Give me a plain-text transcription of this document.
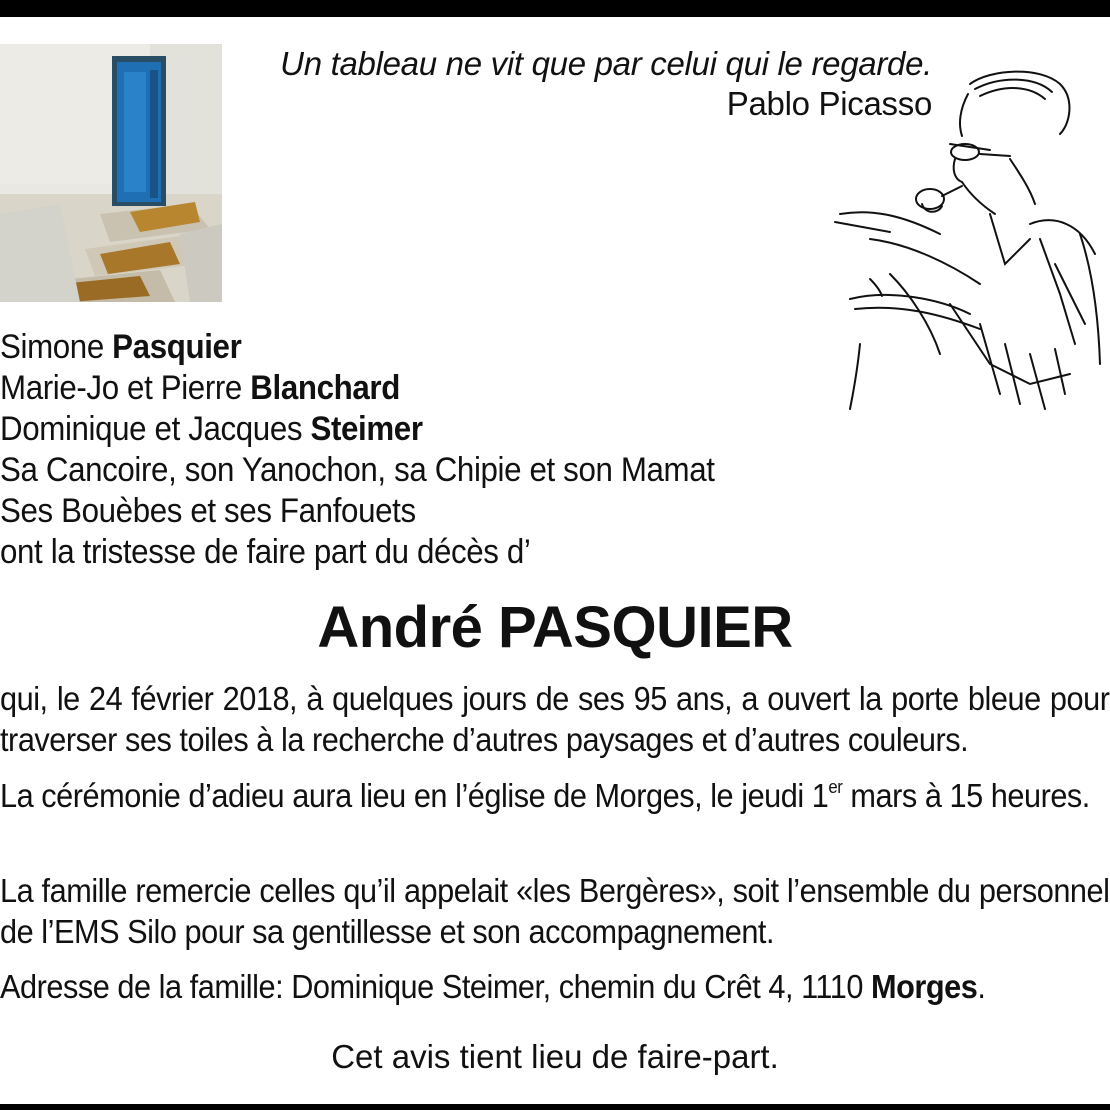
Un tableau ne vit que par celui qui le regarde.
Pablo Picasso
Simone Pasquier
Marie-Jo et Pierre Blanchard
Dominique et Jacques Steimer
Sa Cancoire, son Yanochon, sa Chipie et son Mamat
Ses Bouèbes et ses Fanfouets
ont la tristesse de faire part du décès d’
André PASQUIER
qui, le 24 février 2018, à quelques jours de ses 95 ans, a ouvert la porte bleue pour traverser ses toiles à la recherche d’autres paysages et d’autres couleurs.
La cérémonie d’adieu aura lieu en l’église de Morges, le jeudi 1er mars à 15 heures.
La famille remercie celles qu’il appelait «les Bergères», soit l’ensemble du personnel de l’EMS Silo pour sa gentillesse et son accompagnement.
Adresse de la famille: Dominique Steimer, chemin du Crêt 4, 1110 Morges.
Cet avis tient lieu de faire-part.
